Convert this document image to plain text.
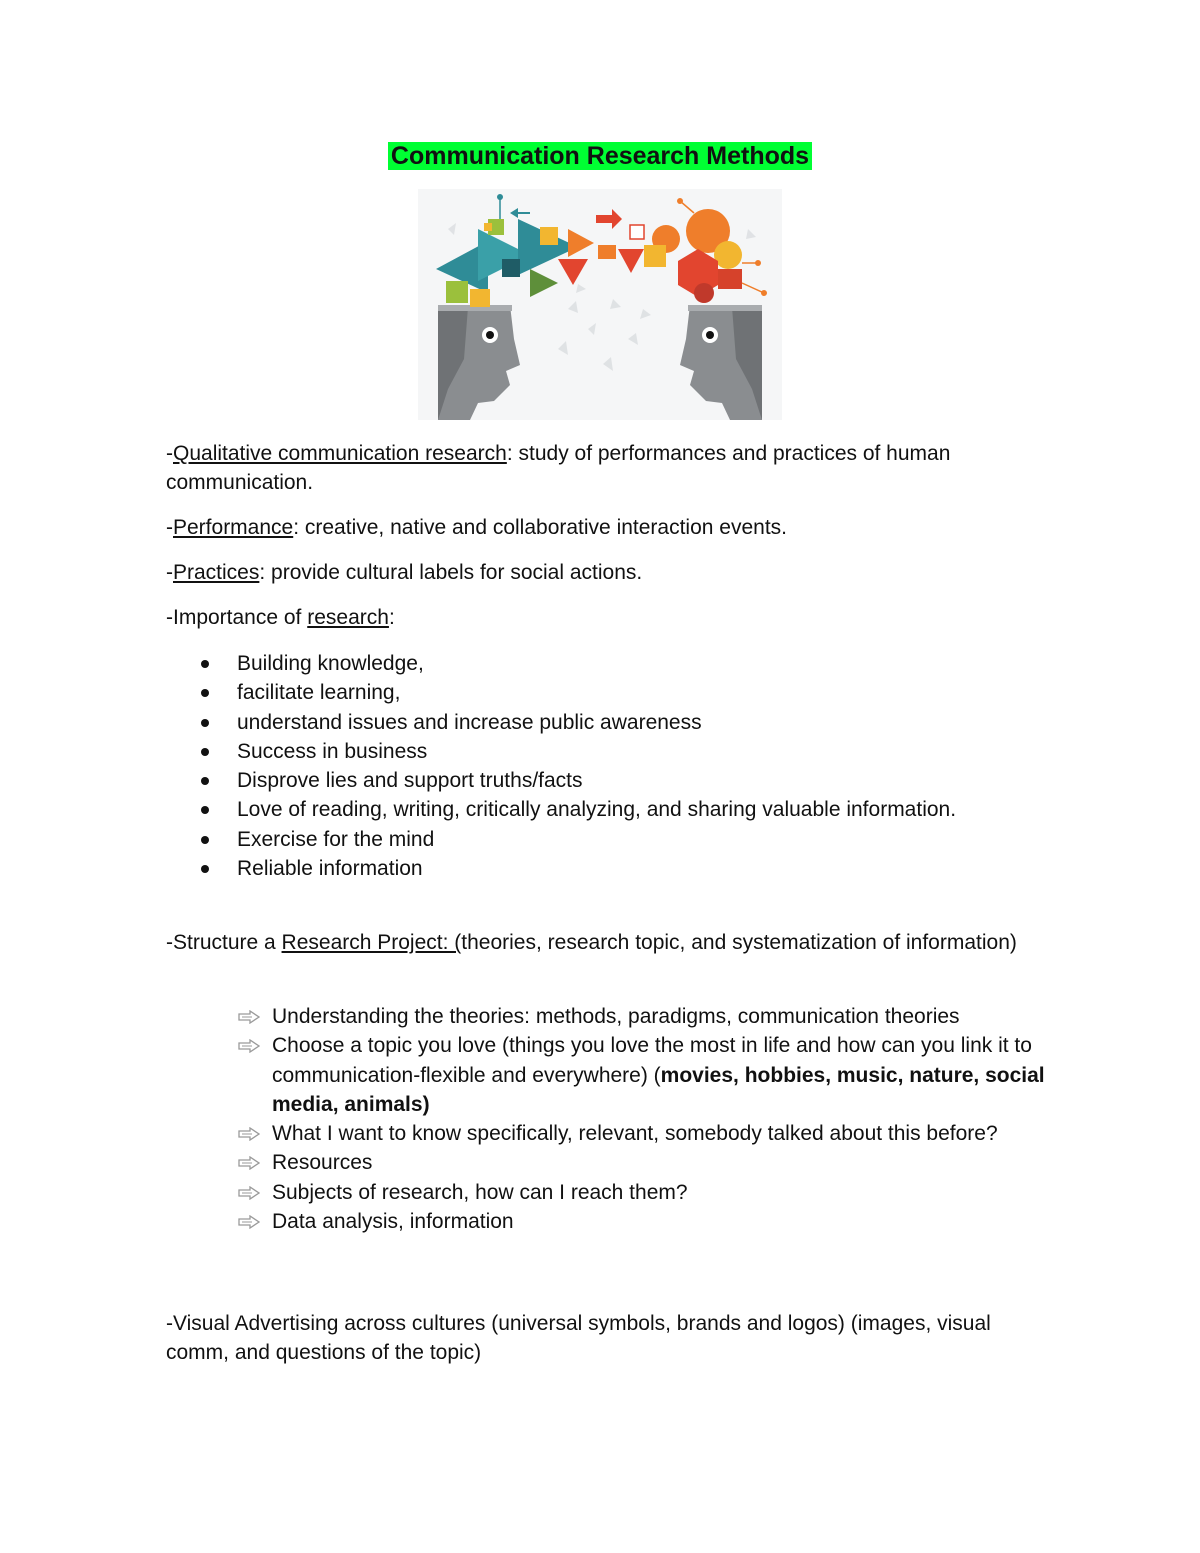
Communication Research Methods

-Qualitative communication research: study of performances and practices of human communication.

-Performance: creative, native and collaborative interaction events.

-Practices: provide cultural labels for social actions.

-Importance of research:

Building knowledge,
facilitate learning,
understand issues and increase public awareness
Success in business
Disprove lies and support truths/facts
Love of reading, writing, critically analyzing, and sharing valuable information.
Exercise for the mind
Reliable information

-Structure a Research Project: (theories, research topic, and systematization of information)

Understanding the theories: methods, paradigms, communication theories
Choose a topic you love (things you love the most in life and how can you link it to communication-flexible and everywhere) (movies, hobbies, music, nature, social media, animals)
What I want to know specifically, relevant, somebody talked about this before?
Resources
Subjects of research, how can I reach them?
Data analysis, information

-Visual Advertising across cultures (universal symbols, brands and logos) (images, visual comm, and questions of the topic)
